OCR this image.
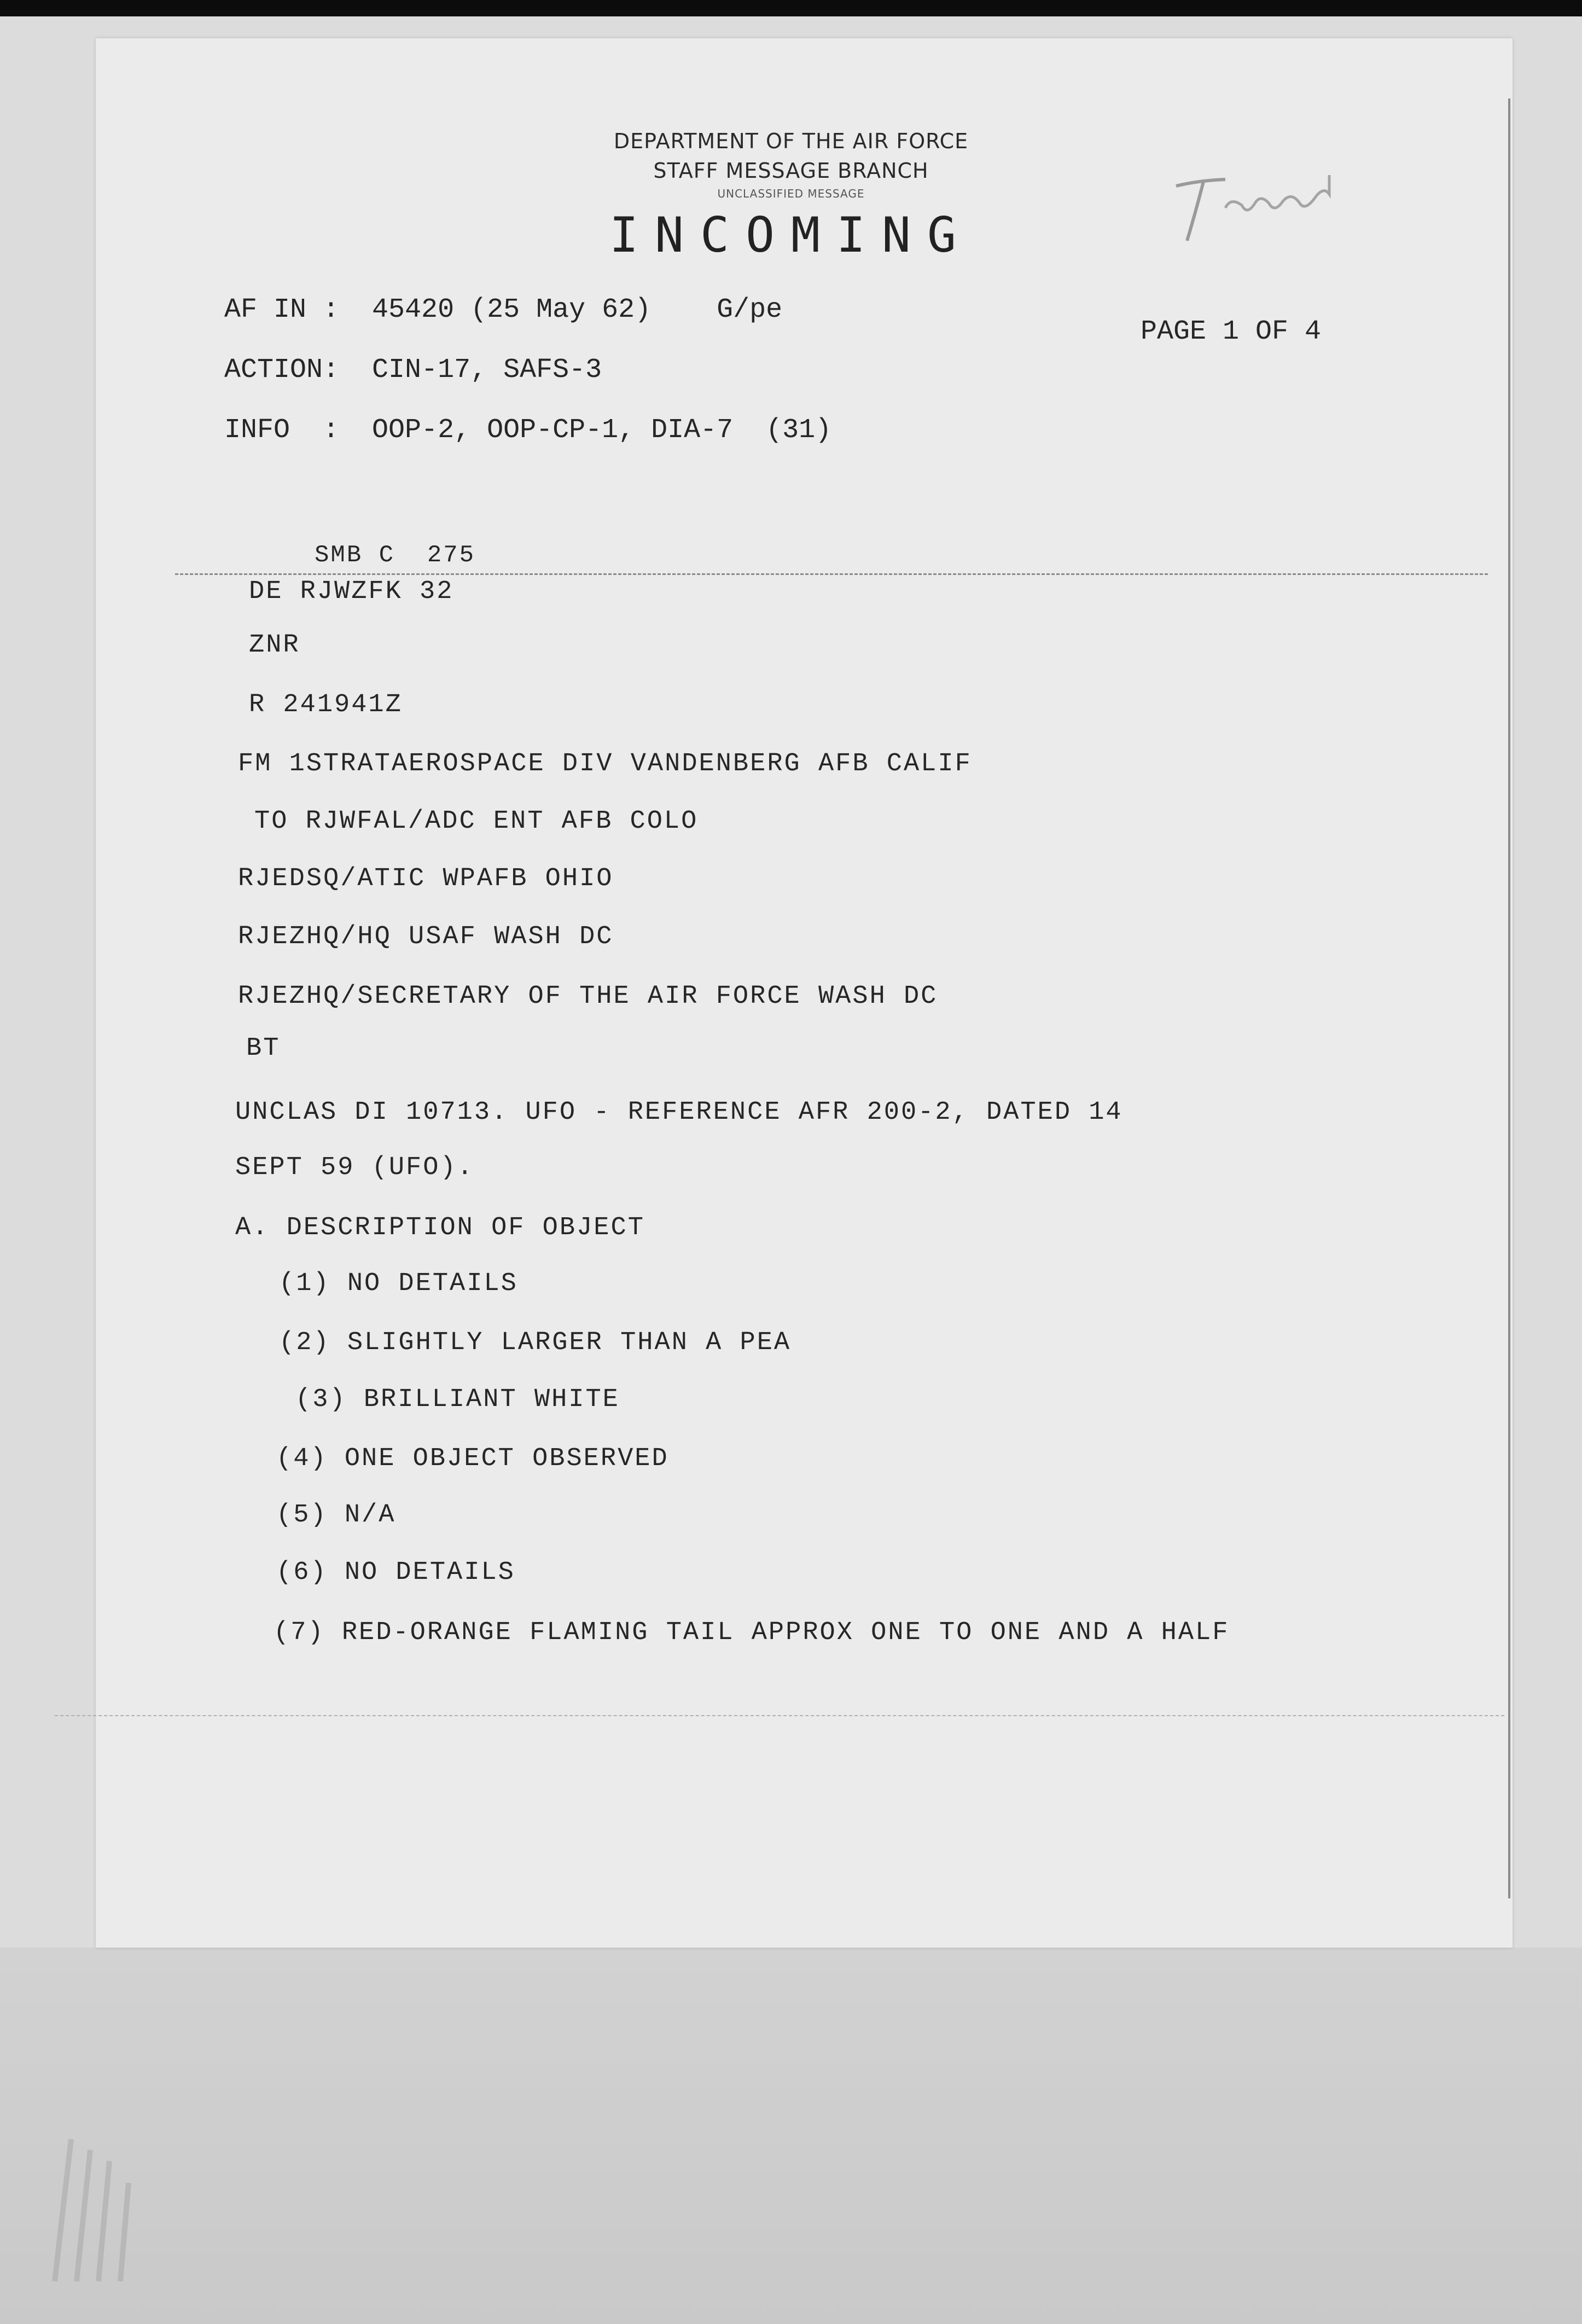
DEPARTMENT OF THE AIR FORCE
STAFF MESSAGE BRANCH
UNCLASSIFIED MESSAGE
INCOMING
AF IN :  45420 (25 May 62)    G/pe
PAGE 1 OF 4
ACTION:  CIN-17, SAFS-3
INFO  :  OOP-2, OOP-CP-1, DIA-7  (31)
SMB C  275
DE RJWZFK 32
ZNR
R 241941Z
FM 1STRATAEROSPACE DIV VANDENBERG AFB CALIF
TO RJWFAL/ADC ENT AFB COLO
RJEDSQ/ATIC WPAFB OHIO
RJEZHQ/HQ USAF WASH DC
RJEZHQ/SECRETARY OF THE AIR FORCE WASH DC
BT
UNCLAS DI 10713. UFO - REFERENCE AFR 200-2, DATED 14
SEPT 59 (UFO).
A. DESCRIPTION OF OBJECT
(1) NO DETAILS
(2) SLIGHTLY LARGER THAN A PEA
(3) BRILLIANT WHITE
(4) ONE OBJECT OBSERVED
(5) N/A
(6) NO DETAILS
(7) RED-ORANGE FLAMING TAIL APPROX ONE TO ONE AND A HALF
